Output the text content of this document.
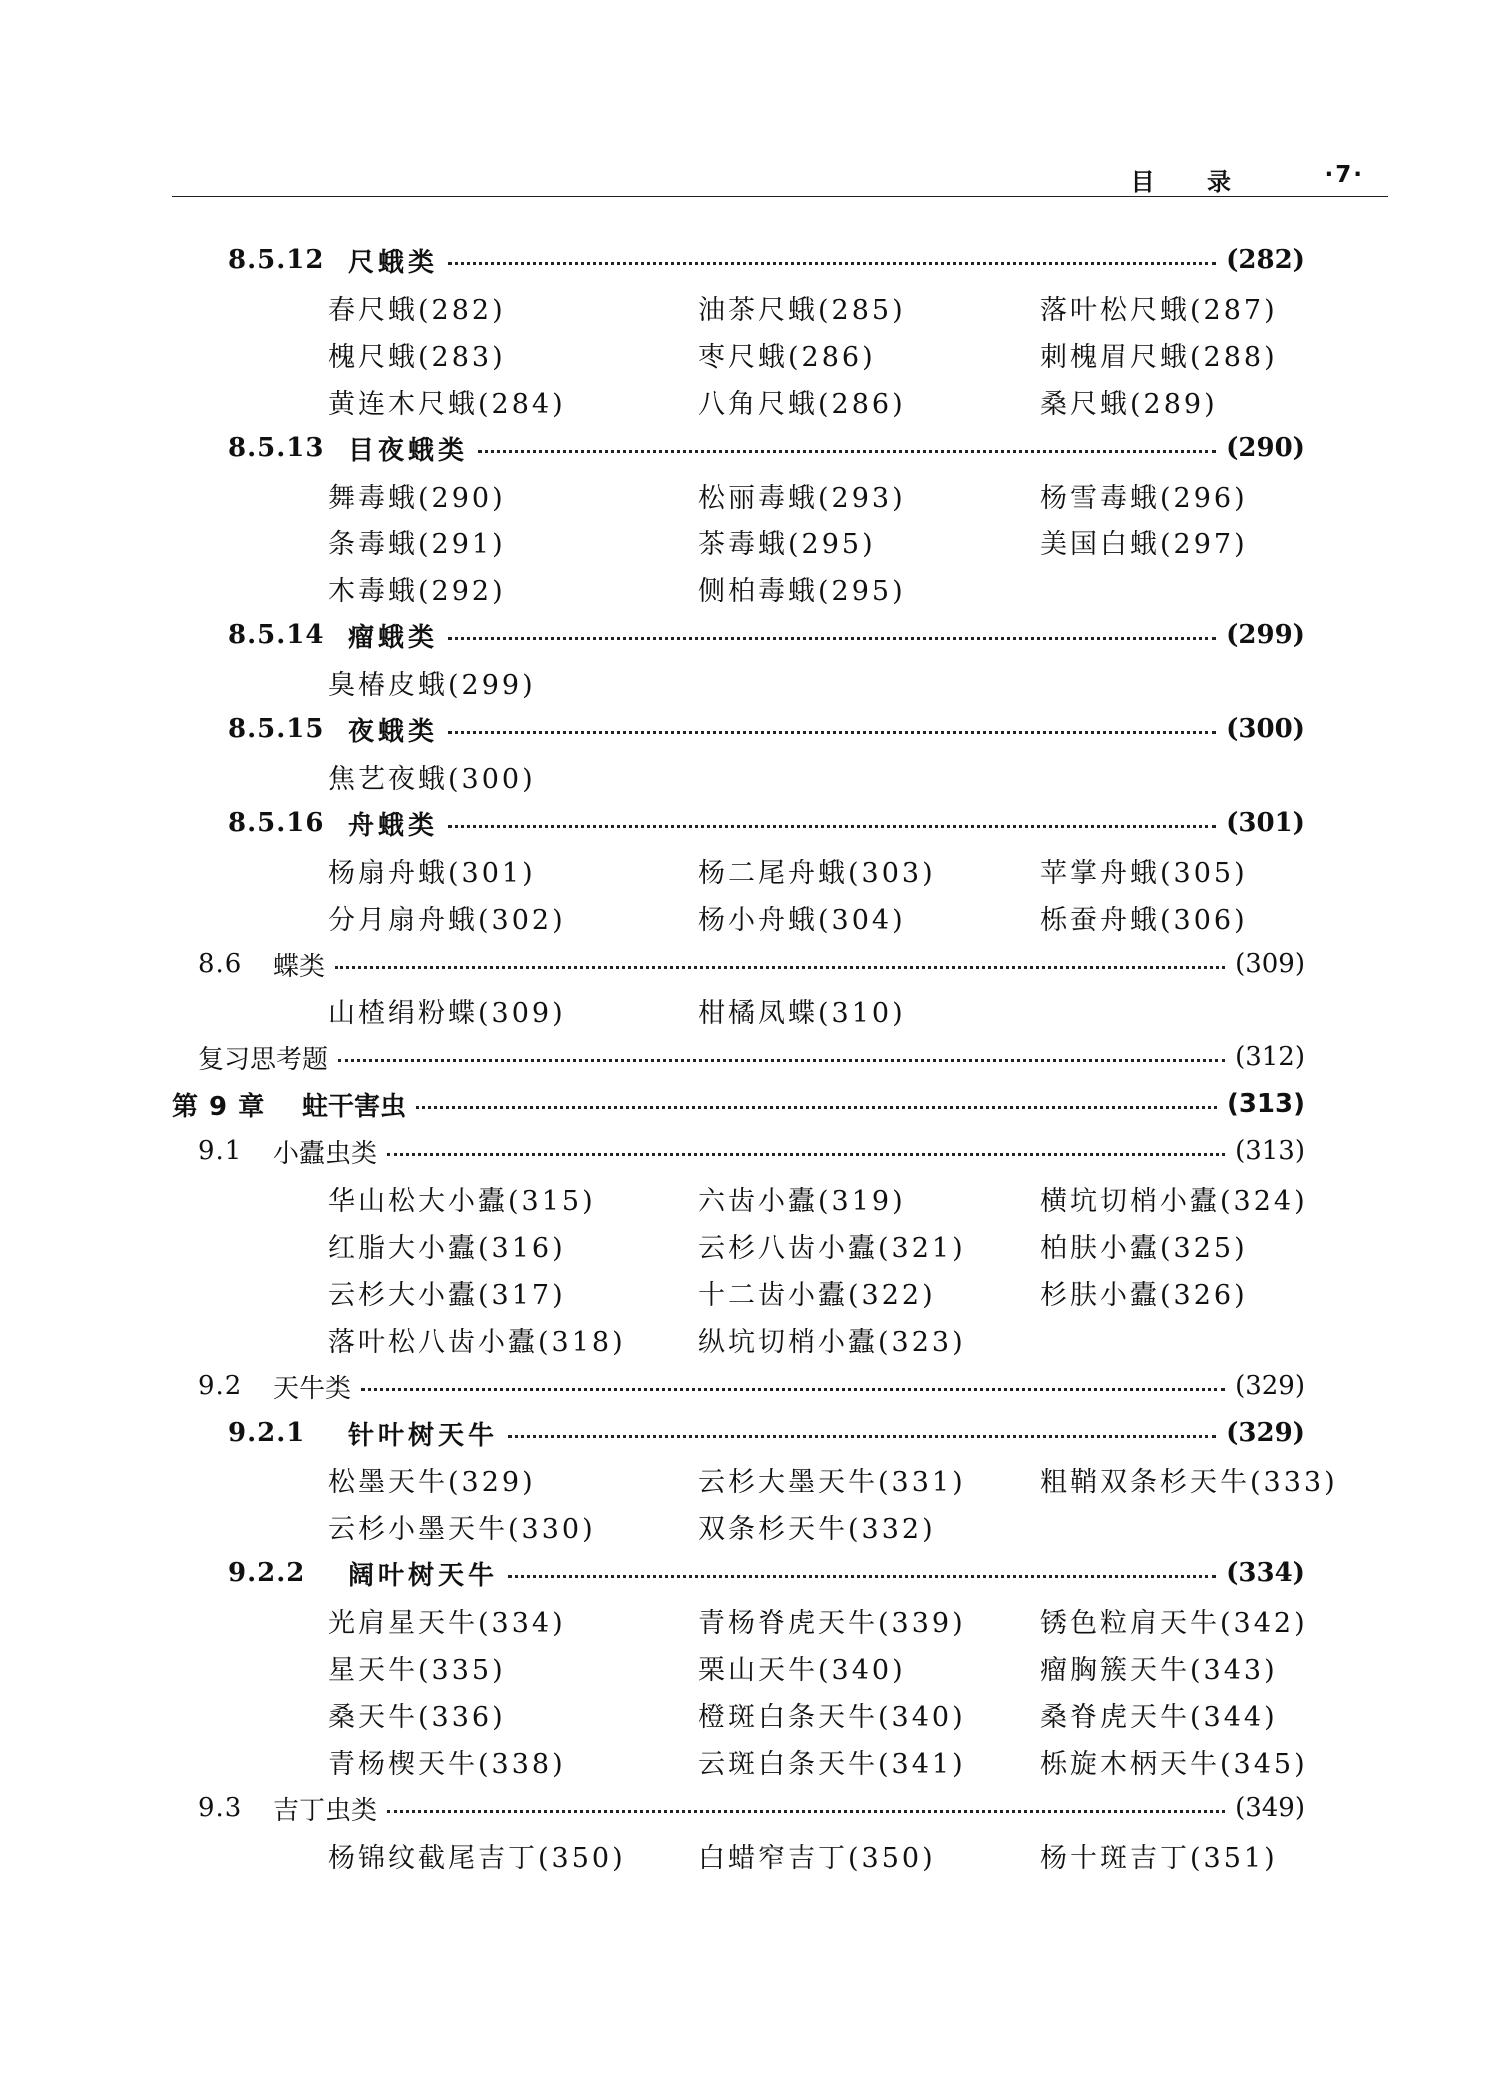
目 录	·7·
8.5.12 尺蛾类	(282)
春尺蛾(282)	油茶尺蛾(285)	落叶松尺蛾(287)
槐尺蛾(283)	枣尺蛾(286)	刺槐眉尺蛾(288)
黄连木尺蛾(284)	八角尺蛾(286)	桑尺蛾(289)
8.5.13 目夜蛾类	(290)
舞毒蛾(290)	松丽毒蛾(293)	杨雪毒蛾(296)
条毒蛾(291)	茶毒蛾(295)	美国白蛾(297)
木毒蛾(292)	侧柏毒蛾(295)
8.5.14 瘤蛾类	(299)
臭椿皮蛾(299)
8.5.15 夜蛾类	(300)
焦艺夜蛾(300)
8.5.16 舟蛾类	(301)
杨扇舟蛾(301)	杨二尾舟蛾(303)	苹掌舟蛾(305)
分月扇舟蛾(302)	杨小舟蛾(304)	栎蚕舟蛾(306)
8.6	蝶类	(309)
山楂绢粉蝶(309)	柑橘凤蝶(310)
复习思考题	(312)
第 9 章	蛀干害虫	(313)
9.1	小蠹虫类	(313)
华山松大小蠹(315)	六齿小蠹(319)	横坑切梢小蠹(324)
红脂大小蠹(316)	云杉八齿小蠹(321)	柏肤小蠹(325)
云杉大小蠹(317)	十二齿小蠹(322)	杉肤小蠹(326)
落叶松八齿小蠹(318)	纵坑切梢小蠹(323)
9.2	天牛类	(329)
9.2.1	针叶树天牛	(329)
松墨天牛(329)	云杉大墨天牛(331)	粗鞘双条杉天牛(333)
云杉小墨天牛(330)	双条杉天牛(332)
9.2.2	阔叶树天牛	(334)
光肩星天牛(334)	青杨脊虎天牛(339)	锈色粒肩天牛(342)
星天牛(335)	栗山天牛(340)	瘤胸簇天牛(343)
桑天牛(336)	橙斑白条天牛(340)	桑脊虎天牛(344)
青杨楔天牛(338)	云斑白条天牛(341)	栎旋木柄天牛(345)
9.3	吉丁虫类	(349)
杨锦纹截尾吉丁(350)	白蜡窄吉丁(350)	杨十斑吉丁(351)
